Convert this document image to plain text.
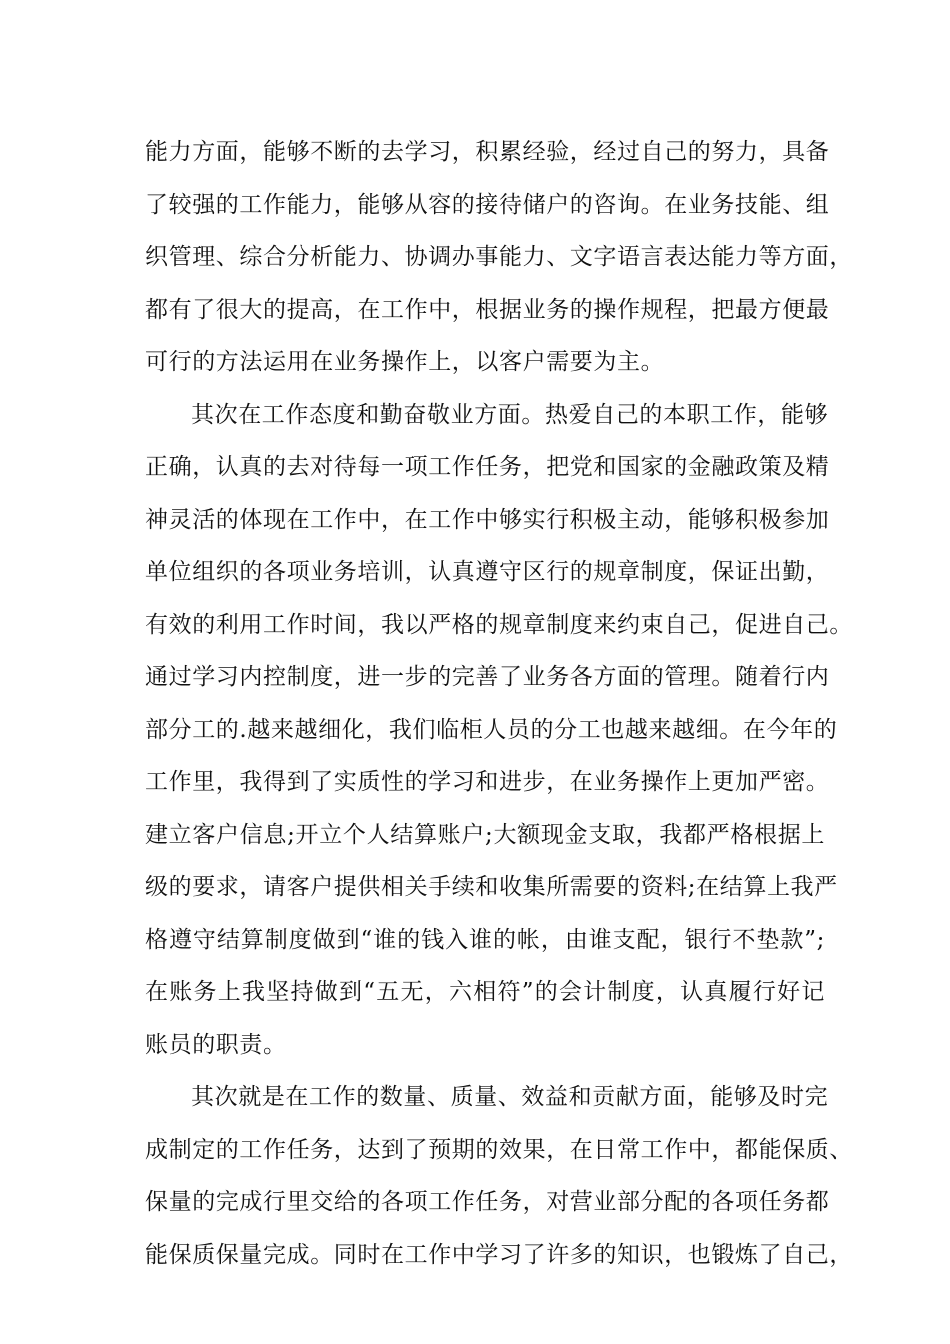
能力方面，能够不断的去学习，积累经验，经过自己的努力，具备
了较强的工作能力，能够从容的接待储户的咨询。在业务技能、组
织管理、综合分析能力、协调办事能力、文字语言表达能力等方面，
都有了很大的提高，在工作中，根据业务的操作规程，把最方便最
可行的方法运用在业务操作上，以客户需要为主。
其次在工作态度和勤奋敬业方面。热爱自己的本职工作，能够
正确，认真的去对待每一项工作任务，把党和国家的金融政策及精
神灵活的体现在工作中，在工作中够实行积极主动，能够积极参加
单位组织的各项业务培训，认真遵守区行的规章制度，保证出勤，
有效的利用工作时间，我以严格的规章制度来约束自己，促进自己。
通过学习内控制度，进一步的完善了业务各方面的管理。随着行内
部分工的.越来越细化，我们临柜人员的分工也越来越细。在今年的
工作里，我得到了实质性的学习和进步，在业务操作上更加严密。
建立客户信息;开立个人结算账户;大额现金支取，我都严格根据上
级的要求，请客户提供相关手续和收集所需要的资料;在结算上我严
格遵守结算制度做到“谁的钱入谁的帐，由谁支配，银行不垫款”;
在账务上我坚持做到“五无，六相符”的会计制度，认真履行好记
账员的职责。
其次就是在工作的数量、质量、效益和贡献方面，能够及时完
成制定的工作任务，达到了预期的效果，在日常工作中，都能保质、
保量的完成行里交给的各项工作任务，对营业部分配的各项任务都
能保质保量完成。同时在工作中学习了许多的知识，也锻炼了自己，
